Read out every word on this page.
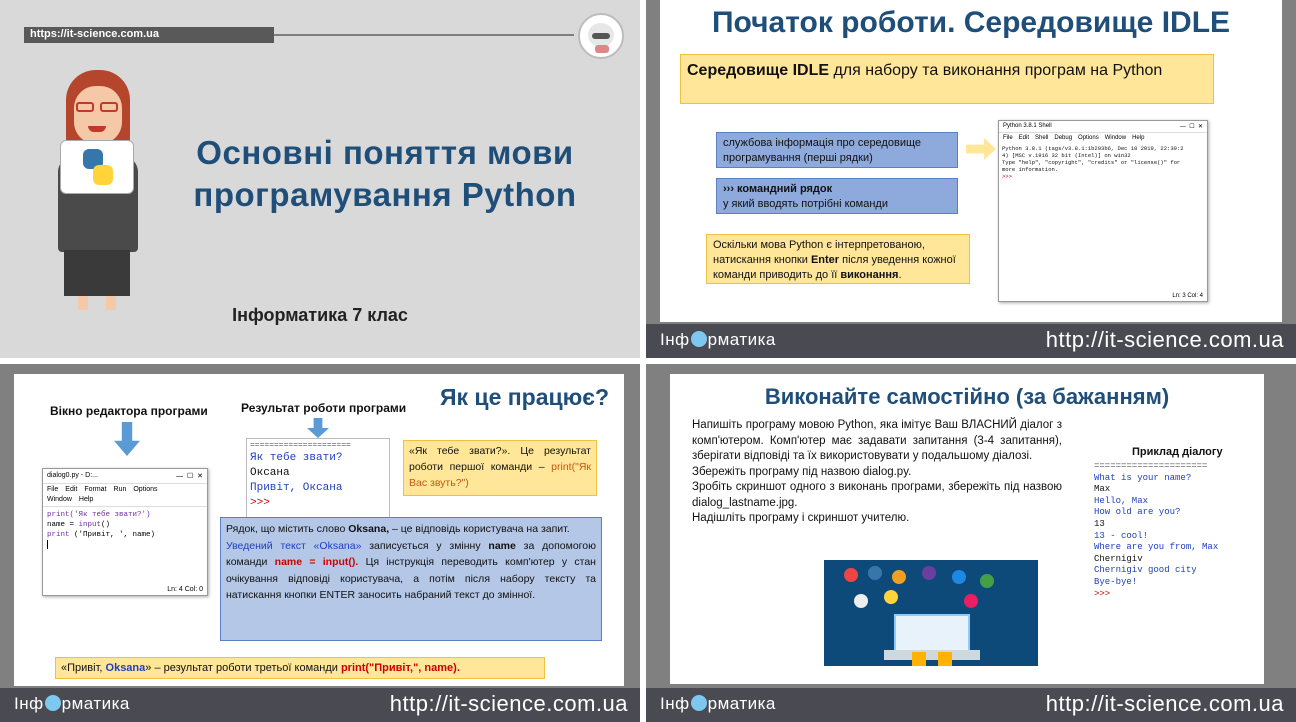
https://it-science.com.ua
Основні поняття мови
програмування Python
Інформатика 7 клас
Початок роботи. Середовище IDLE
Середовище IDLE для набору та виконання програм на Python
службова інформація про середовище програмування (перші рядки)
››› командний рядок
у який вводять потрібні команди
Оскільки мова Python є інтерпретованою, натискання кнопки Enter після уведення кожної команди приводить до її виконання.
Python 3.8.1 Shell	—  ☐  ✕
File Edit Shell Debug Options Window Help
Python 3.8.1 (tags/v3.8.1:1b293b6, Dec 18 2019, 22:39:2
4) [MSC v.1916 32 bit (Intel)] on win32
Type "help", "copyright", "credits" or "license()" for
more information.
>>>
Ln: 3 Col: 4
Інф рматика	http://it-science.com.ua
Як це працює?
Вікно редактора програми	Результат роботи програми
dialog0.py - D:...	—  ☐  ✕
File Edit Format Run Options
Window Help
print('Як тебе звати?')
name = input()
print ('Привіт, ', name)
Ln: 4 Col: 0
=====================
Як тебе звати?
Оксана
Привіт, Оксана
>>>
«Як тебе звати?». Це результат роботи першої команди – print("Як Вас звуть?")
Рядок, що містить слово Oksana, – це відповідь користувача на запит.
Уведений текст «Oksana» записується у змінну name за допомогою команди name = input(). Ця інструкція переводить комп'ютер у стан очікування відповіді користувача, а потім після набору тексту та натискання кнопки ENTER заносить набраний текст до змінної.
«Привіт, Oksana» – результат роботи третьої команди print("Привіт,", name).
Інф рматика	http://it-science.com.ua
Виконайте самостійно (за бажанням)
Напишіть програму мовою Python, яка імітує Ваш ВЛАСНИЙ діалог з комп'ютером. Комп'ютер має задавати запитання (3-4 запитання), зберігати відповіді та їх використовувати у подальшому діалозі.
Збережіть програму під назвою dialog.py.
Зробіть скриншот одного з виконань програми, збережіть під назвою dialog_lastname.jpg.
Надішліть програму і скриншот учителю.
Приклад діалогу
=====================
What is your name?
Max
Hello, Max
How old are you?
13
13 - cool!
Where are you from, Max
Chernigiv
Chernigiv good city
Bye-bye!
>>>
Інф рматика	http://it-science.com.ua
